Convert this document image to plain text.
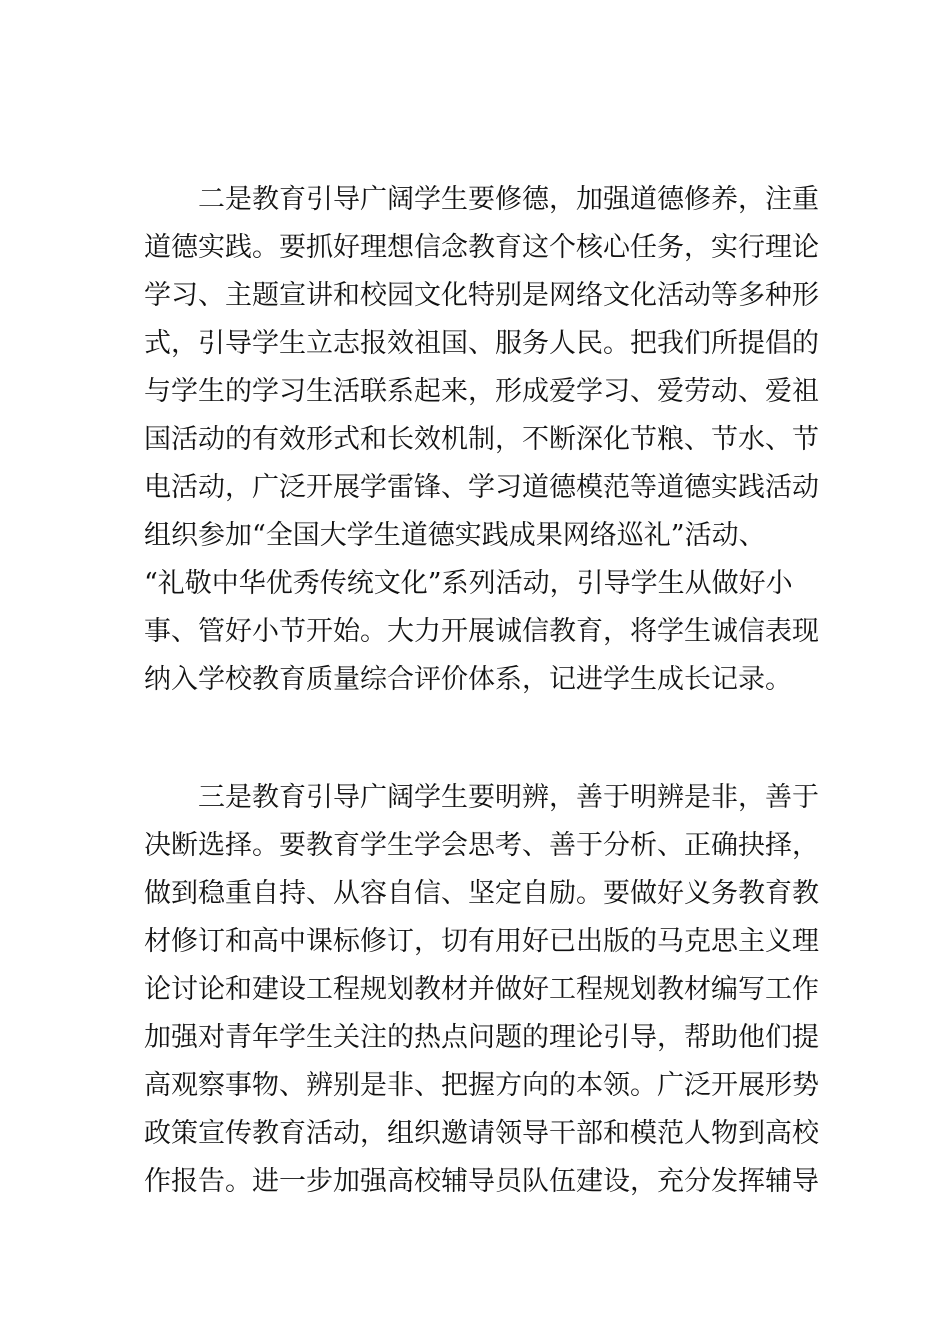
　　二是教育引导广阔学生要修德，加强道德修养，注重
道德实践。要抓好理想信念教育这个核心任务，实行理论
学习、主题宣讲和校园文化特别是网络文化活动等多种形
式，引导学生立志报效祖国、服务人民。把我们所提倡的
与学生的学习生活联系起来，形成爱学习、爱劳动、爱祖
国活动的有效形式和长效机制，不断深化节粮、节水、节
电活动，广泛开展学雷锋、学习道德模范等道德实践活动
组织参加“全国大学生道德实践成果网络巡礼”活动、
“礼敬中华优秀传统文化”系列活动，引导学生从做好小
事、管好小节开始。大力开展诚信教育，将学生诚信表现
纳入学校教育质量综合评价体系，记进学生成长记录。
　　三是教育引导广阔学生要明辨，善于明辨是非，善于
决断选择。要教育学生学会思考、善于分析、正确抉择，
做到稳重自持、从容自信、坚定自励。要做好义务教育教
材修订和高中课标修订，切有用好已出版的马克思主义理
论讨论和建设工程规划教材并做好工程规划教材编写工作
加强对青年学生关注的热点问题的理论引导，帮助他们提
高观察事物、辨别是非、把握方向的本领。广泛开展形势
政策宣传教育活动，组织邀请领导干部和模范人物到高校
作报告。进一步加强高校辅导员队伍建设，充分发挥辅导
